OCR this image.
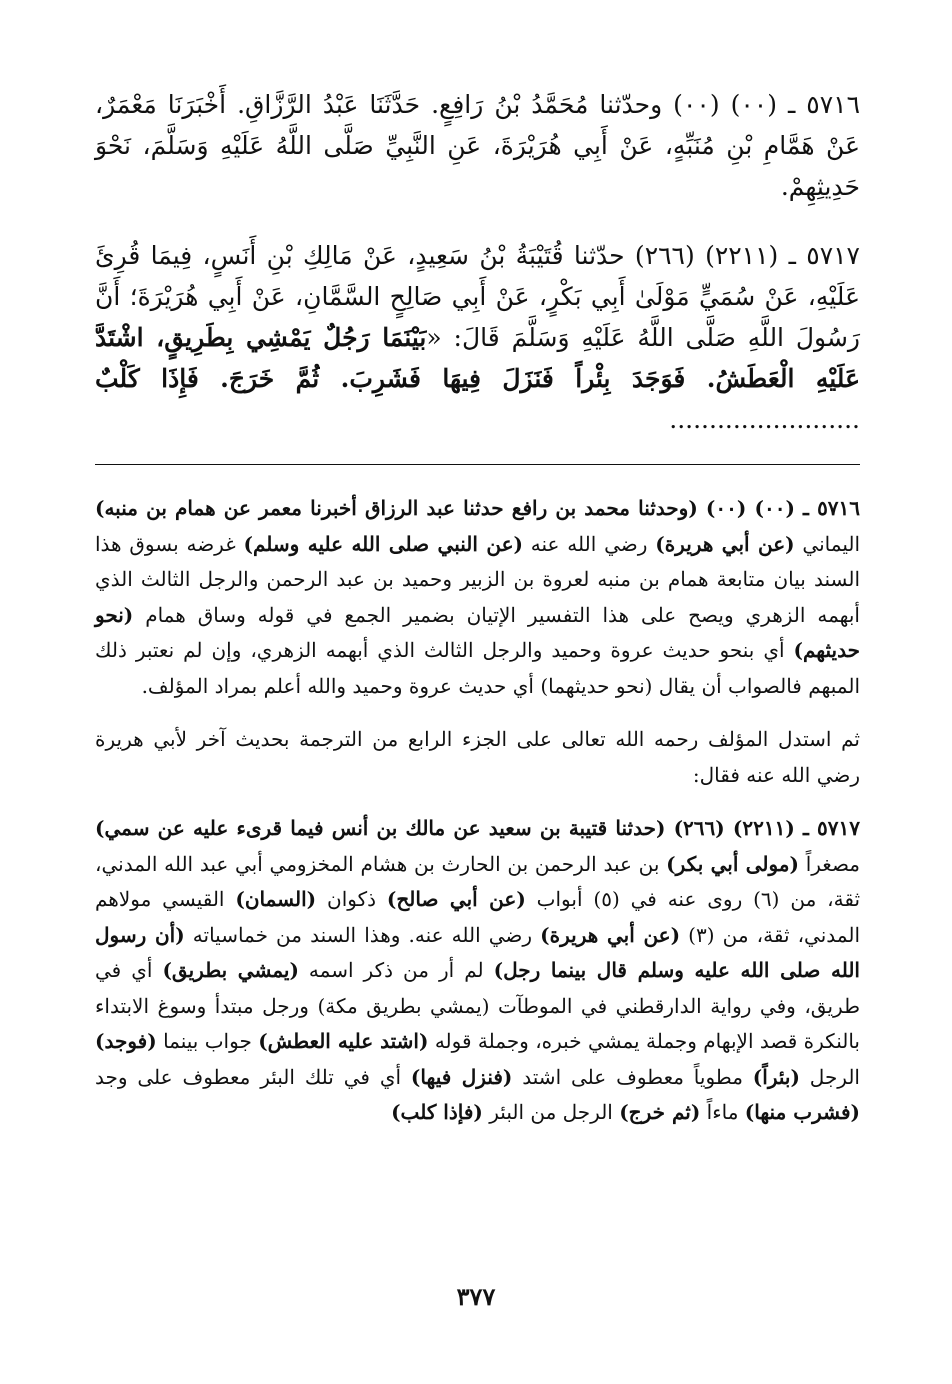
٥٧١٦ ـ (٠٠) (٠٠) وحدّثنا مُحَمَّدُ بْنُ رَافِعٍ. حَدَّثَنَا عَبْدُ الرَّزَّاقِ. أَخْبَرَنَا مَعْمَرٌ، عَنْ هَمَّامِ بْنِ مُنَبِّهٍ، عَنْ أَبِي هُرَيْرَةَ، عَنِ النَّبِيِّ صَلَّى اللَّهُ عَلَيْهِ وَسَلَّمَ، نَحْوَ حَدِيثِهِمْ.

٥٧١٧ ـ (٢٢١١) (٢٦٦) حدّثنا قُتَيْبَةُ بْنُ سَعِيدٍ، عَنْ مَالِكِ بْنِ أَنَسٍ، فِيمَا قُرِئَ عَلَيْهِ، عَنْ سُمَيٍّ مَوْلَىٰ أَبِي بَكْرٍ، عَنْ أَبِي صَالِحٍ السَّمَّانِ، عَنْ أَبِي هُرَيْرَةَ؛ أَنَّ رَسُولَ اللَّهِ صَلَّى اللَّهُ عَلَيْهِ وَسَلَّمَ قَالَ: «بَيْنَمَا رَجُلٌ يَمْشِي بِطَرِيقٍ، اشْتَدَّ عَلَيْهِ الْعَطَشُ. فَوَجَدَ بِئْراً فَنَزَلَ فِيهَا فَشَرِبَ. ثُمَّ خَرَجَ. فَإِذَا كَلْبٌ ........................

٥٧١٦ ـ (٠٠) (٠٠) (وحدثنا محمد بن رافع حدثنا عبد الرزاق أخبرنا معمر عن همام بن منبه) اليماني (عن أبي هريرة) رضي الله عنه (عن النبي صلى الله عليه وسلم) غرضه بسوق هذا السند بيان متابعة همام بن منبه لعروة بن الزبير وحميد بن عبد الرحمن والرجل الثالث الذي أبهمه الزهري ويصح على هذا التفسير الإتيان بضمير الجمع في قوله وساق همام (نحو حديثهم) أي بنحو حديث عروة وحميد والرجل الثالث الذي أبهمه الزهري، وإن لم نعتبر ذلك المبهم فالصواب أن يقال (نحو حديثهما) أي حديث عروة وحميد والله أعلم بمراد المؤلف.

ثم استدل المؤلف رحمه الله تعالى على الجزء الرابع من الترجمة بحديث آخر لأبي هريرة رضي الله عنه فقال:

٥٧١٧ ـ (٢٢١١) (٢٦٦) (حدثنا قتيبة بن سعيد عن مالك بن أنس فيما قرىء عليه عن سمي) مصغراً (مولى أبي بكر) بن عبد الرحمن بن الحارث بن هشام المخزومي أبي عبد الله المدني، ثقة، من (٦) روى عنه في (٥) أبواب (عن أبي صالح) ذكوان (السمان) القيسي مولاهم المدني، ثقة، من (٣) (عن أبي هريرة) رضي الله عنه. وهذا السند من خماسياته (أن رسول الله صلى الله عليه وسلم قال بينما رجل) لم أر من ذكر اسمه (يمشي بطريق) أي في طريق، وفي رواية الدارقطني في الموطآت (يمشي بطريق مكة) ورجل مبتدأ وسوغ الابتداء بالنكرة قصد الإبهام وجملة يمشي خبره، وجملة قوله (اشتد عليه العطش) جواب بينما (فوجد) الرجل (بئراً) مطوياً معطوف على اشتد (فنزل فيها) أي في تلك البئر معطوف على وجد (فشرب منها) ماءاً (ثم خرج) الرجل من البئر (فإذا كلب)

٣٧٧
